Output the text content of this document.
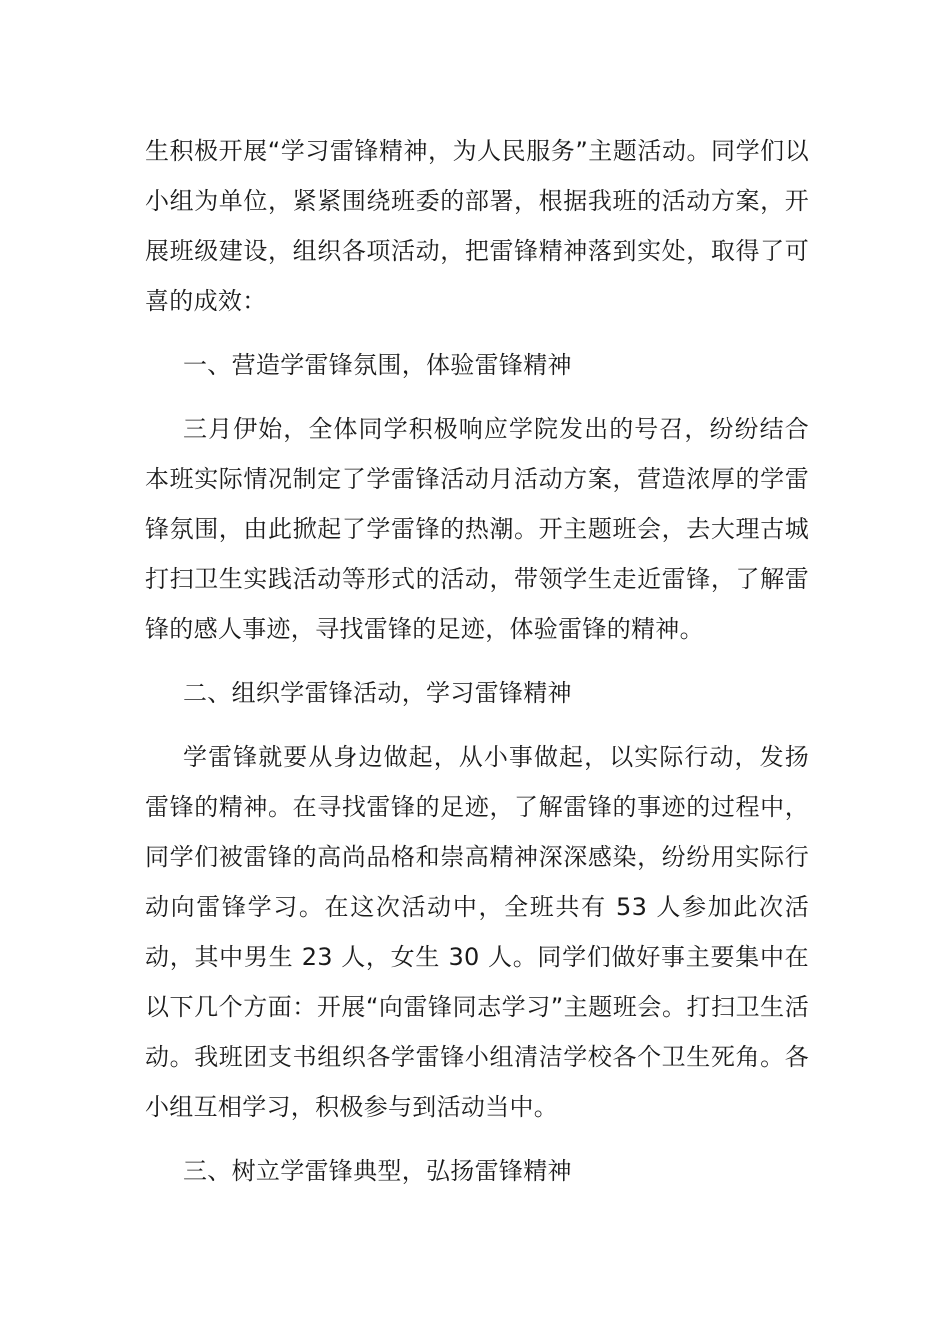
生积极开展“学习雷锋精神，为人民服务”主题活动。同学们以小组为单位，紧紧围绕班委的部署，根据我班的活动方案，开展班级建设，组织各项活动，把雷锋精神落到实处，取得了可喜的成效：

一、营造学雷锋氛围，体验雷锋精神

三月伊始，全体同学积极响应学院发出的号召，纷纷结合本班实际情况制定了学雷锋活动月活动方案，营造浓厚的学雷锋氛围，由此掀起了学雷锋的热潮。开主题班会，去大理古城打扫卫生实践活动等形式的活动，带领学生走近雷锋，了解雷锋的感人事迹，寻找雷锋的足迹，体验雷锋的精神。

二、组织学雷锋活动，学习雷锋精神

学雷锋就要从身边做起，从小事做起，以实际行动，发扬雷锋的精神。在寻找雷锋的足迹，了解雷锋的事迹的过程中，同学们被雷锋的高尚品格和崇高精神深深感染，纷纷用实际行动向雷锋学习。在这次活动中，全班共有 53 人参加此次活动，其中男生 23 人，女生 30 人。同学们做好事主要集中在以下几个方面：开展“向雷锋同志学习”主题班会。打扫卫生活动。我班团支书组织各学雷锋小组清洁学校各个卫生死角。各小组互相学习，积极参与到活动当中。

三、树立学雷锋典型，弘扬雷锋精神
